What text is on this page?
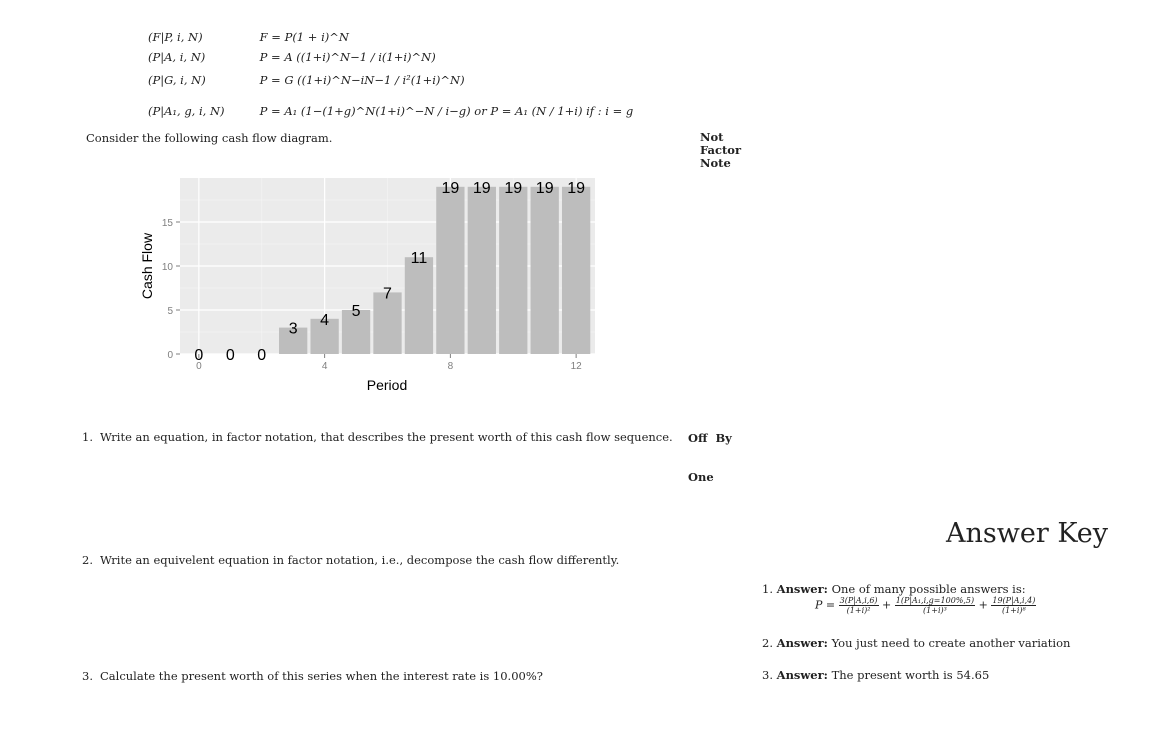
(F|P, i, N)	F = P(1 + i)^N
(P|A, i, N)	P = A ((1+i)^N−1 / i(1+i)^N)
(P|G, i, N)	P = G ((1+i)^N−iN−1 / i²(1+i)^N)
(P|A₁, g, i, N)	P = A₁ (1−(1+g)^N(1+i)^−N / i−g) or P = A₁ (N / 1+i) if : i = g
Consider the following cash flow diagram.	Not
Factor
Note

Off  By

One

0 0 0
3
4
5
7
11
19 19 19 19 19
0
5
10
15
0	4	8	12
Period
Cash Flow
1. Write an equation, in factor notation, that describes the present worth of this cash flow sequence.
2. Write an equivelent equation in factor notation, i.e., decompose the cash flow differently.
3. Calculate the present worth of this series when the interest rate is 10.00%?
Answer Key
1. Answer: One of many possible answers is:
$P = \frac{3(P|A,i,6)}{\text{(1+i)²}} + \frac{\text{1(P|A₁,i,g=100\%,5)}}{\text{(1+i)³}} + \frac{19(P|A,i,4)}{\text{(1+i)⁸}}$
2. Answer: You just need to create another variation
3. Answer: The present worth is 54.65
